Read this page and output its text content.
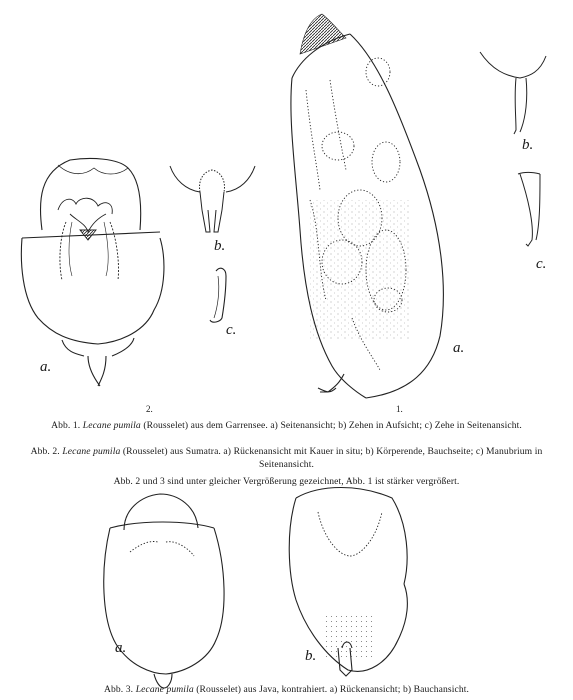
a.
b.
c.
a.
b.
c.
a.	b.
2.	1.
Abb. 1. Lecane pumila (Rousselet) aus dem Garrensee. a) Seitenansicht; b) Zehen in Aufsicht; c) Zehe in Seitenansicht.
Abb. 2. Lecane pumila (Rousselet) aus Sumatra. a) Rückenansicht mit Kauer in situ; b) Körperende, Bauchseite; c) Manubrium in Seitenansicht.
Abb. 2 und 3 sind unter gleicher Vergrößerung gezeichnet, Abb. 1 ist stärker vergrößert.
Abb. 3. Lecane pumila (Rousselet) aus Java, kontrahiert. a) Rückenansicht; b) Bauchansicht.
